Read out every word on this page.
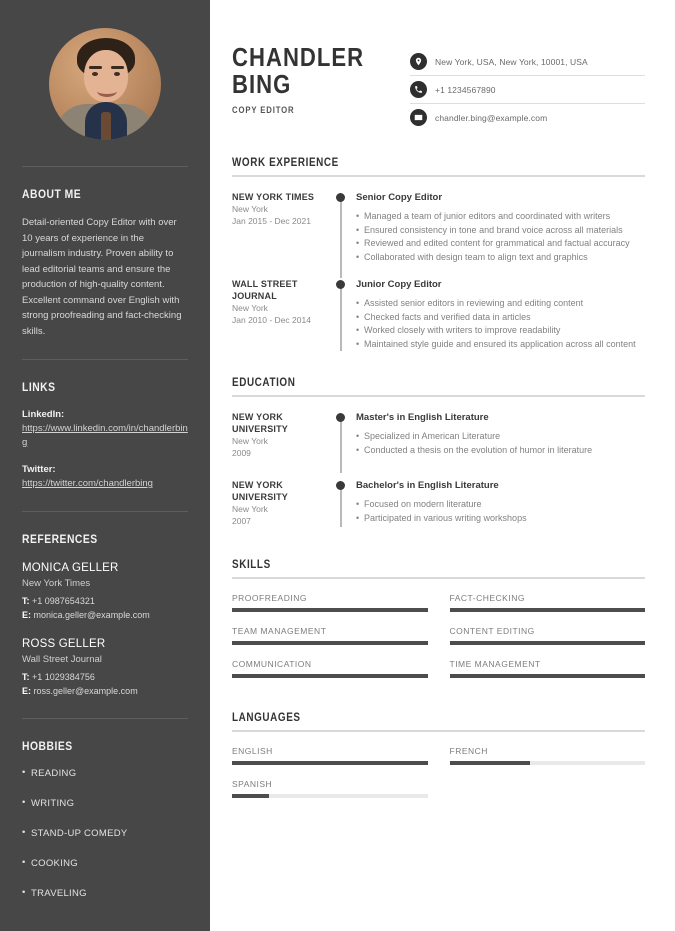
ABOUT ME

Detail-oriented Copy Editor with over 10 years of experience in the journalism industry. Proven ability to lead editorial teams and ensure the production of high-quality content. Excellent command over English with strong proofreading and fact-checking skills.

LINKS
LinkedIn:
https://www.linkedin.com/in/chandlerbing
Twitter:
https://twitter.com/chandlerbing
REFERENCES
MONICA GELLER
New York Times
T: +1 0987654321
E: monica.geller@example.com
ROSS GELLER
Wall Street Journal
T: +1 1029384756
E: ross.geller@example.com
HOBBIES
• READING
• WRITING
• STAND-UP COMEDY
• COOKING
• TRAVELING
CHANDLER
BING
COPY EDITOR
New York, USA, New York, 10001, USA
+1 1234567890
chandler.bing@example.com
WORK EXPERIENCE
NEW YORK TIMES
New York
Jan 2015 - Dec 2021
Senior Copy Editor
• Managed a team of junior editors and coordinated with writers
• Ensured consistency in tone and brand voice across all materials
• Reviewed and edited content for grammatical and factual accuracy
• Collaborated with design team to align text and graphics
WALL STREET JOURNAL
New York
Jan 2010 - Dec 2014
Junior Copy Editor
• Assisted senior editors in reviewing and editing content
• Checked facts and verified data in articles
• Worked closely with writers to improve readability
• Maintained style guide and ensured its application across all content
EDUCATION
NEW YORK UNIVERSITY
New York
2009
Master's in English Literature
• Specialized in American Literature
• Conducted a thesis on the evolution of humor in literature
NEW YORK UNIVERSITY
New York
2007
Bachelor's in English Literature
• Focused on modern literature
• Participated in various writing workshops
SKILLS
PROOFREADING	FACT-CHECKING
TEAM MANAGEMENT	CONTENT EDITING
COMMUNICATION	TIME MANAGEMENT
LANGUAGES
ENGLISH	FRENCH
SPANISH
